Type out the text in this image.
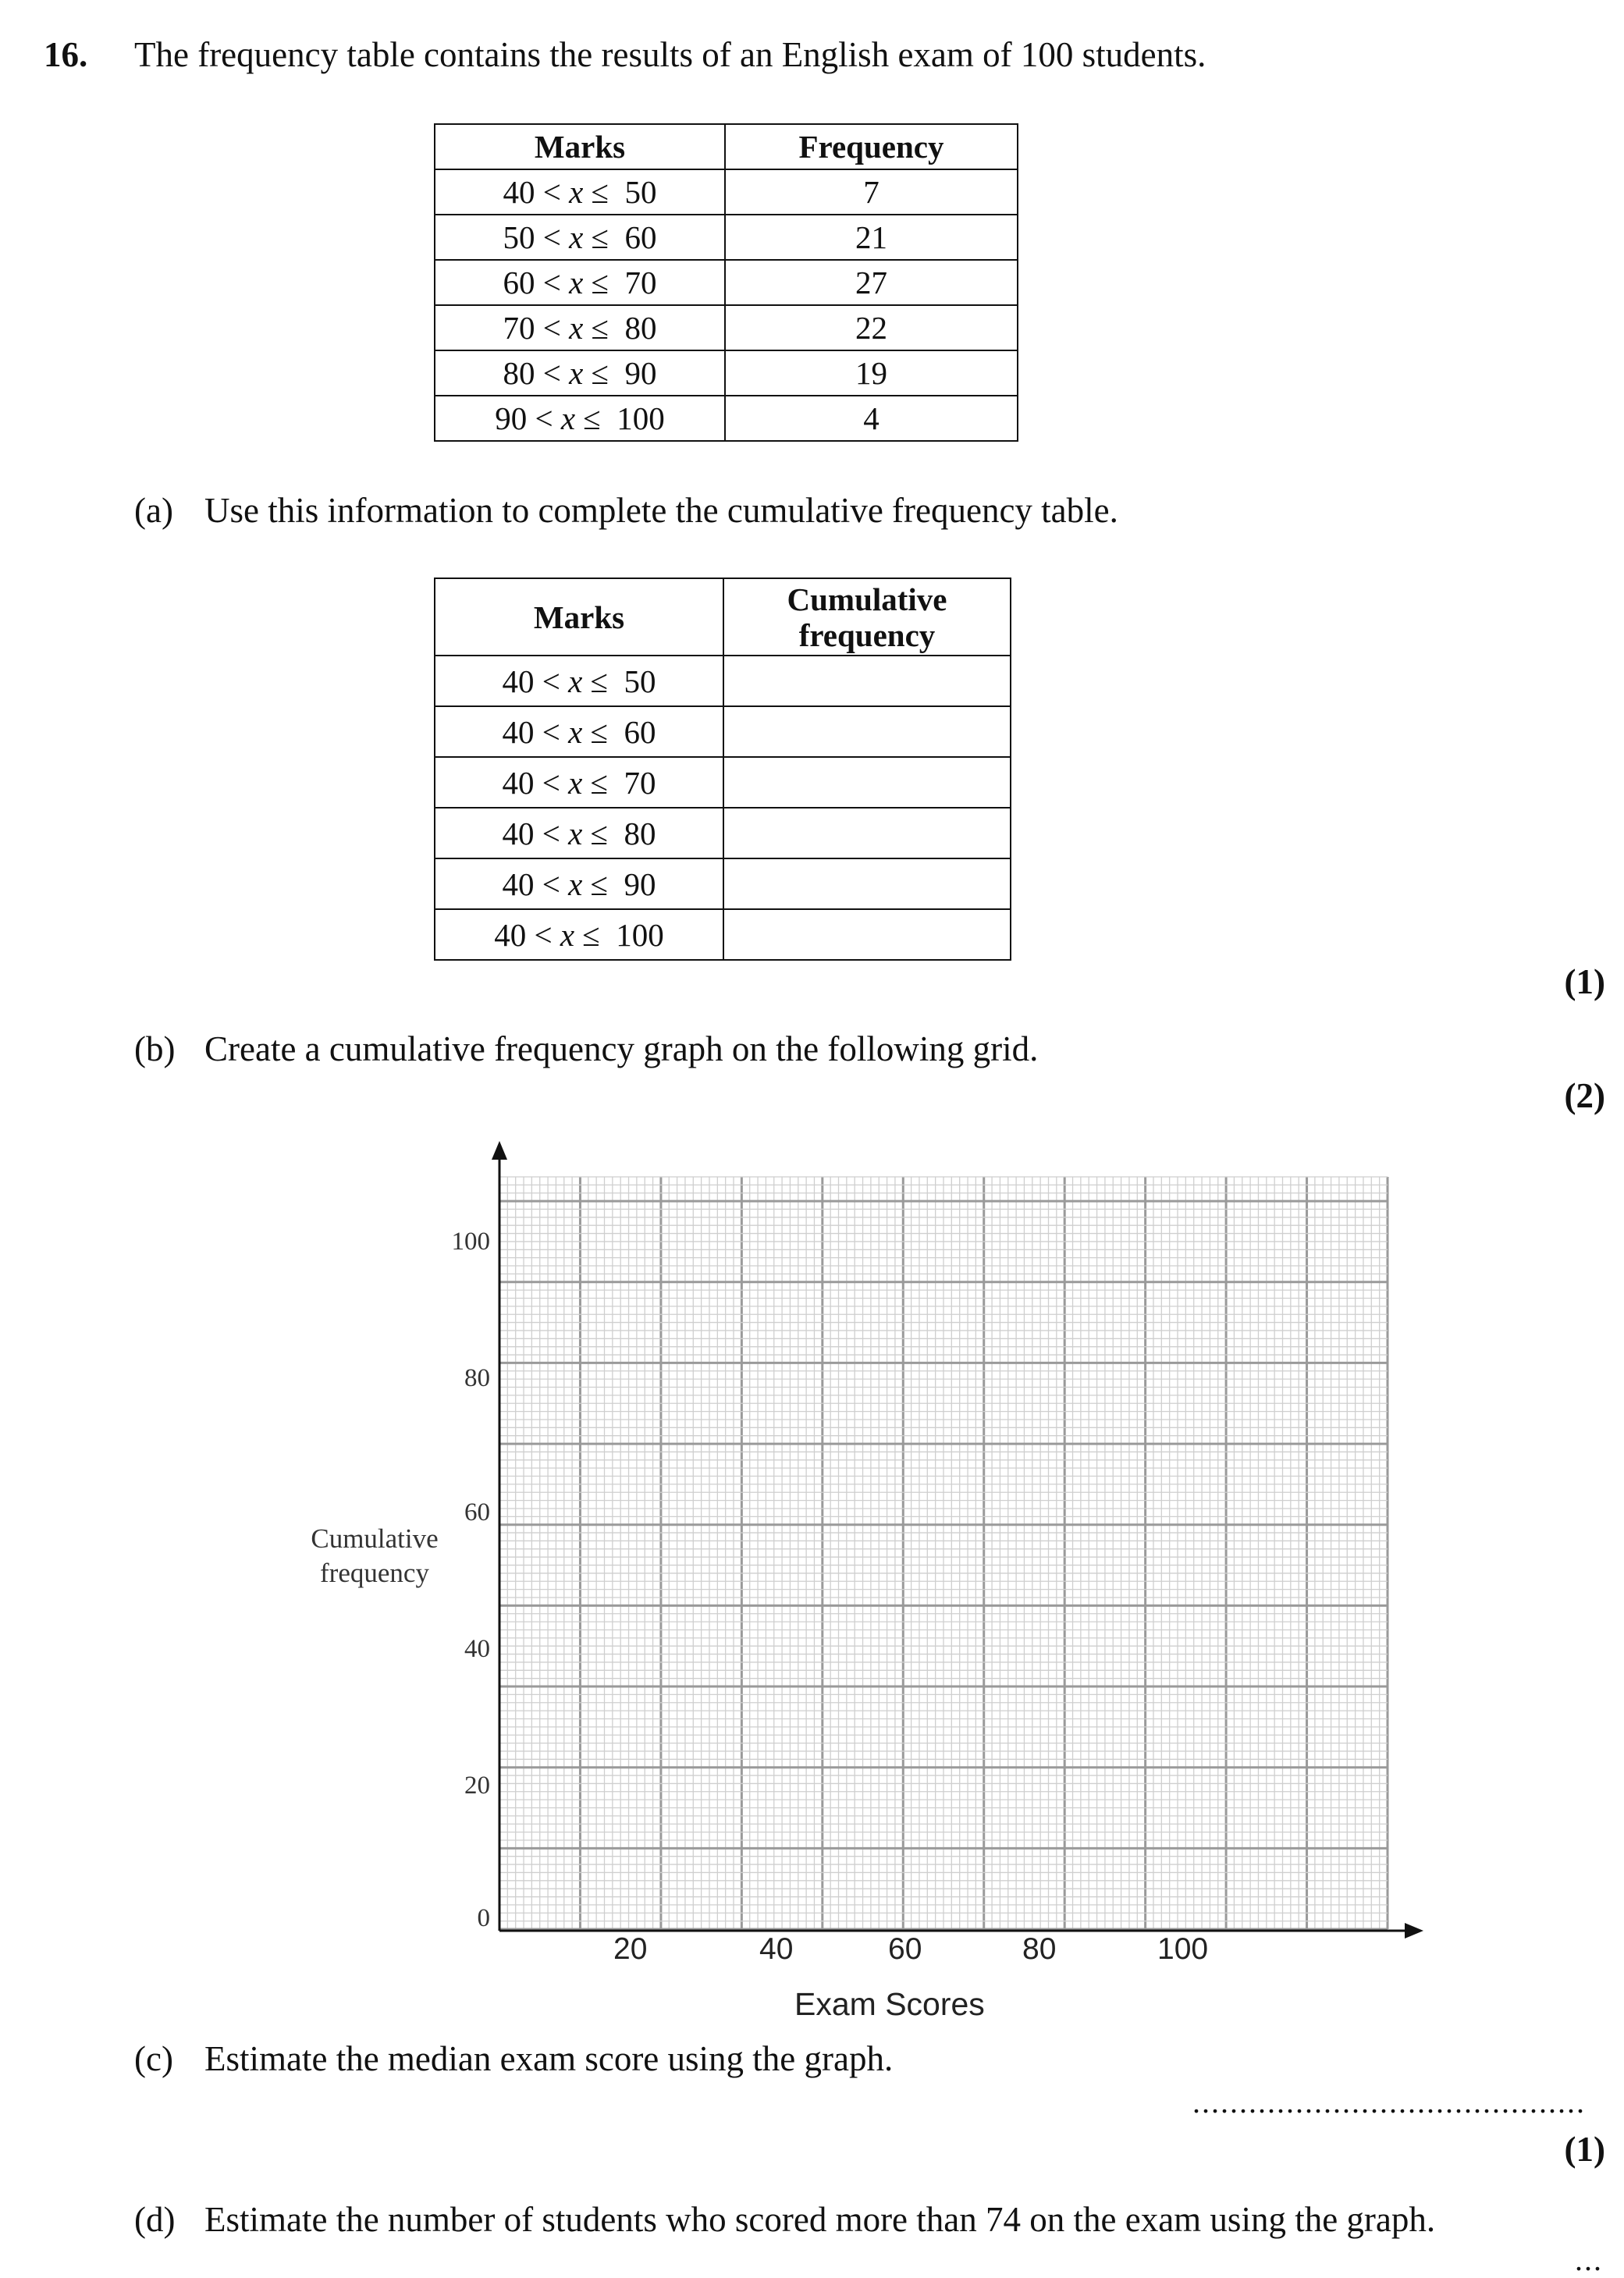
16. The frequency table contains the results of an English exam of 100 students.
Marks	Frequency
40 < x ≤  50	7
50 < x ≤  60	21
60 < x ≤  70	27
70 < x ≤  80	22
80 < x ≤  90	19
90 < x ≤  100	4
(a) Use this information to complete the cumulative frequency table.
Marks	Cumulative
frequency
40 < x ≤  50	
40 < x ≤  60	
40 < x ≤  70	
40 < x ≤  80	
40 < x ≤  90	
40 < x ≤  100	
(1)
(b) Create a cumulative frequency graph on the following grid.
(2)
Cumulative
frequency
0
20
40
60
80
100
20	40	60	80	100
Exam Scores
(c) Estimate the median exam score using the graph.
..........................................
(1)
(d) Estimate the number of students who scored more than 74 on the exam using the graph.
...
